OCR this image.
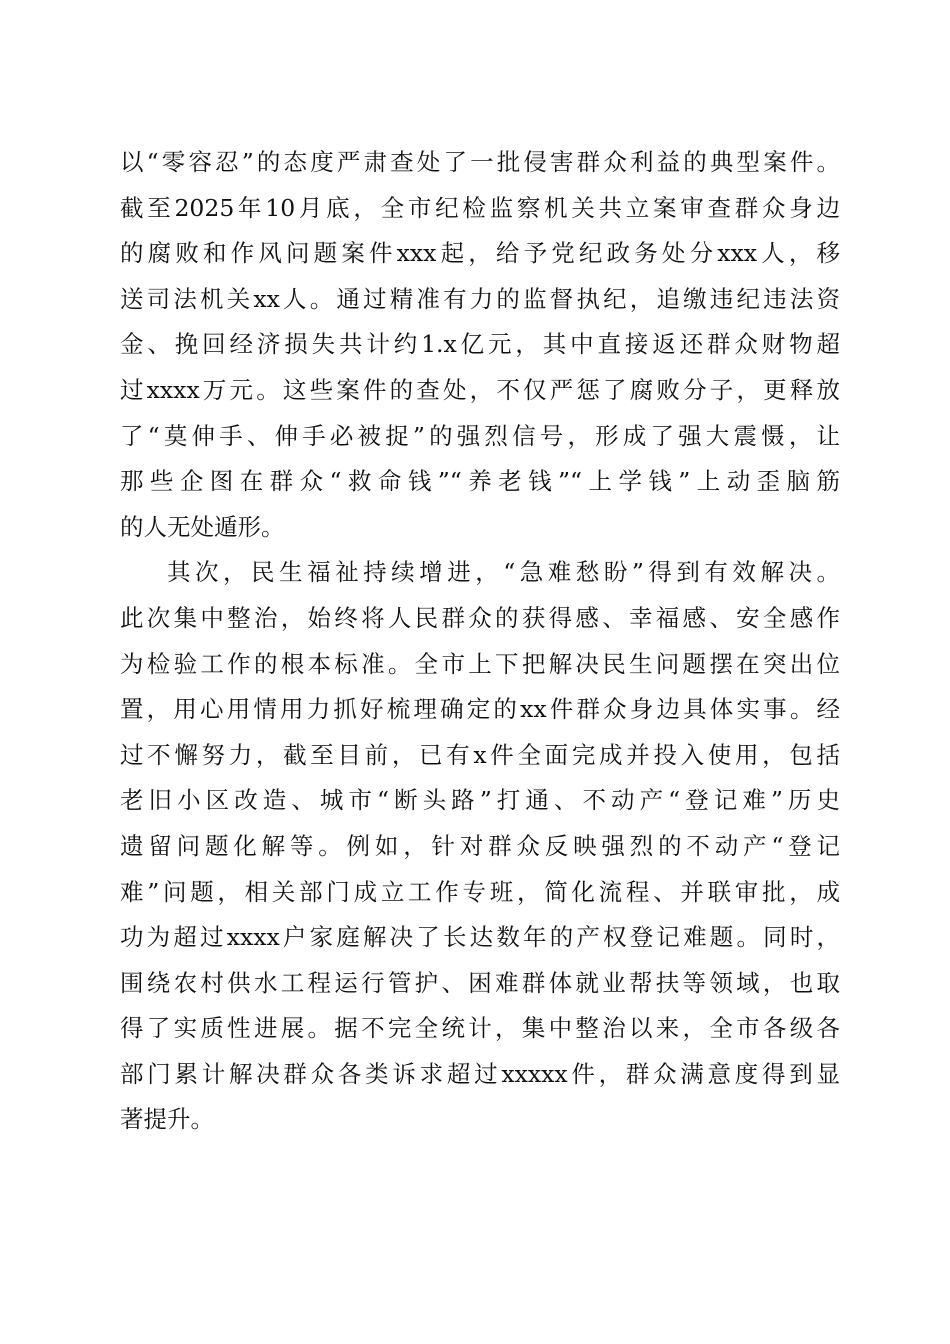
以“零容忍”的态度严肃查处了一批侵害群众利益的典型案件。
截至2025年10月底，全市纪检监察机关共立案审查群众身边
的腐败和作风问题案件xxx起，给予党纪政务处分xxx人，移
送司法机关xx人。通过精准有力的监督执纪，追缴违纪违法资
金、挽回经济损失共计约1.x亿元，其中直接返还群众财物超
过xxxx万元。这些案件的查处，不仅严惩了腐败分子，更释放
了“莫伸手、伸手必被捉”的强烈信号，形成了强大震慑，让
那些企图在群众“救命钱”“养老钱”“上学钱”上动歪脑筋
的人无处遁形。
其次，民生福祉持续增进，“急难愁盼”得到有效解决。
此次集中整治，始终将人民群众的获得感、幸福感、安全感作
为检验工作的根本标准。全市上下把解决民生问题摆在突出位
置，用心用情用力抓好梳理确定的xx件群众身边具体实事。经
过不懈努力，截至目前，已有x件全面完成并投入使用，包括
老旧小区改造、城市“断头路”打通、不动产“登记难”历史
遗留问题化解等。例如，针对群众反映强烈的不动产“登记
难”问题，相关部门成立工作专班，简化流程、并联审批，成
功为超过xxxx户家庭解决了长达数年的产权登记难题。同时，
围绕农村供水工程运行管护、困难群体就业帮扶等领域，也取
得了实质性进展。据不完全统计，集中整治以来，全市各级各
部门累计解决群众各类诉求超过xxxxx件，群众满意度得到显
著提升。
